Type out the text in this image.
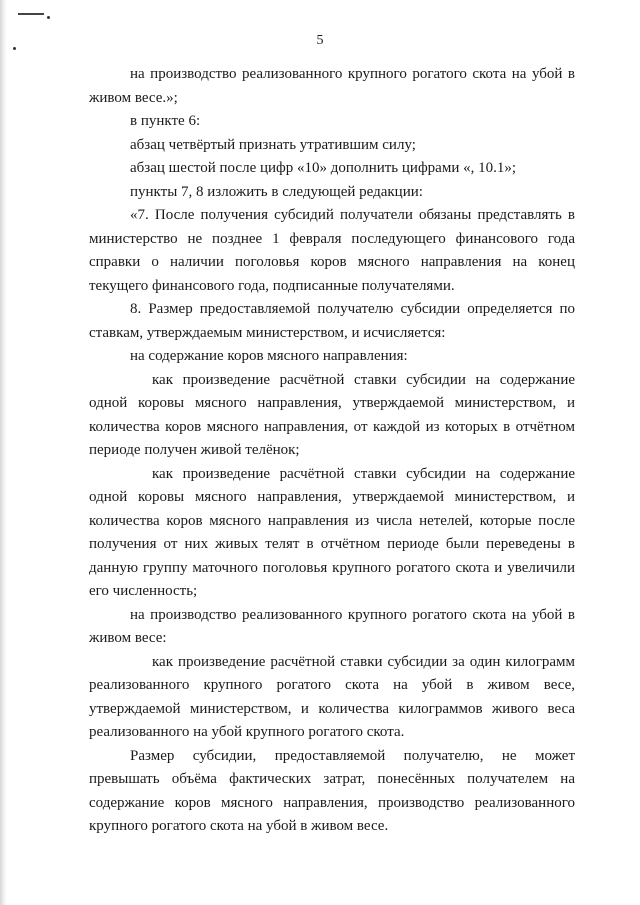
5

на производство реализованного крупного рогатого скота на убой в живом весе.»;

в пункте 6:

абзац четвёртый признать утратившим силу;

абзац шестой после цифр «10» дополнить цифрами «, 10.1»;

пункты 7, 8 изложить в следующей редакции:

«7. После получения субсидий получатели обязаны представлять в министерство не позднее 1 февраля последующего финансового года справки о наличии поголовья коров мясного направления на конец текущего финансового года, подписанные получателями.

8. Размер предоставляемой получателю субсидии определяется по ставкам, утверждаемым министерством, и исчисляется:

на содержание коров мясного направления:

как произведение расчётной ставки субсидии на содержание одной коровы мясного направления, утверждаемой министерством, и количества коров мясного направления, от каждой из которых в отчётном периоде получен живой телёнок;

как произведение расчётной ставки субсидии на содержание одной коровы мясного направления, утверждаемой министерством, и количества коров мясного направления из числа нетелей, которые после получения от них живых телят в отчётном периоде были переведены в данную группу маточного поголовья крупного рогатого скота и увеличили его численность;

на производство реализованного крупного рогатого скота на убой в живом весе:

как произведение расчётной ставки субсидии за один килограмм реализованного крупного рогатого скота на убой в живом весе, утверждаемой министерством, и количества килограммов живого веса реализованного на убой крупного рогатого скота.

Размер субсидии, предоставляемой получателю, не может превышать объёма фактических затрат, понесённых получателем на содержание коров мясного направления, производство реализованного крупного рогатого скота на убой в живом весе.
